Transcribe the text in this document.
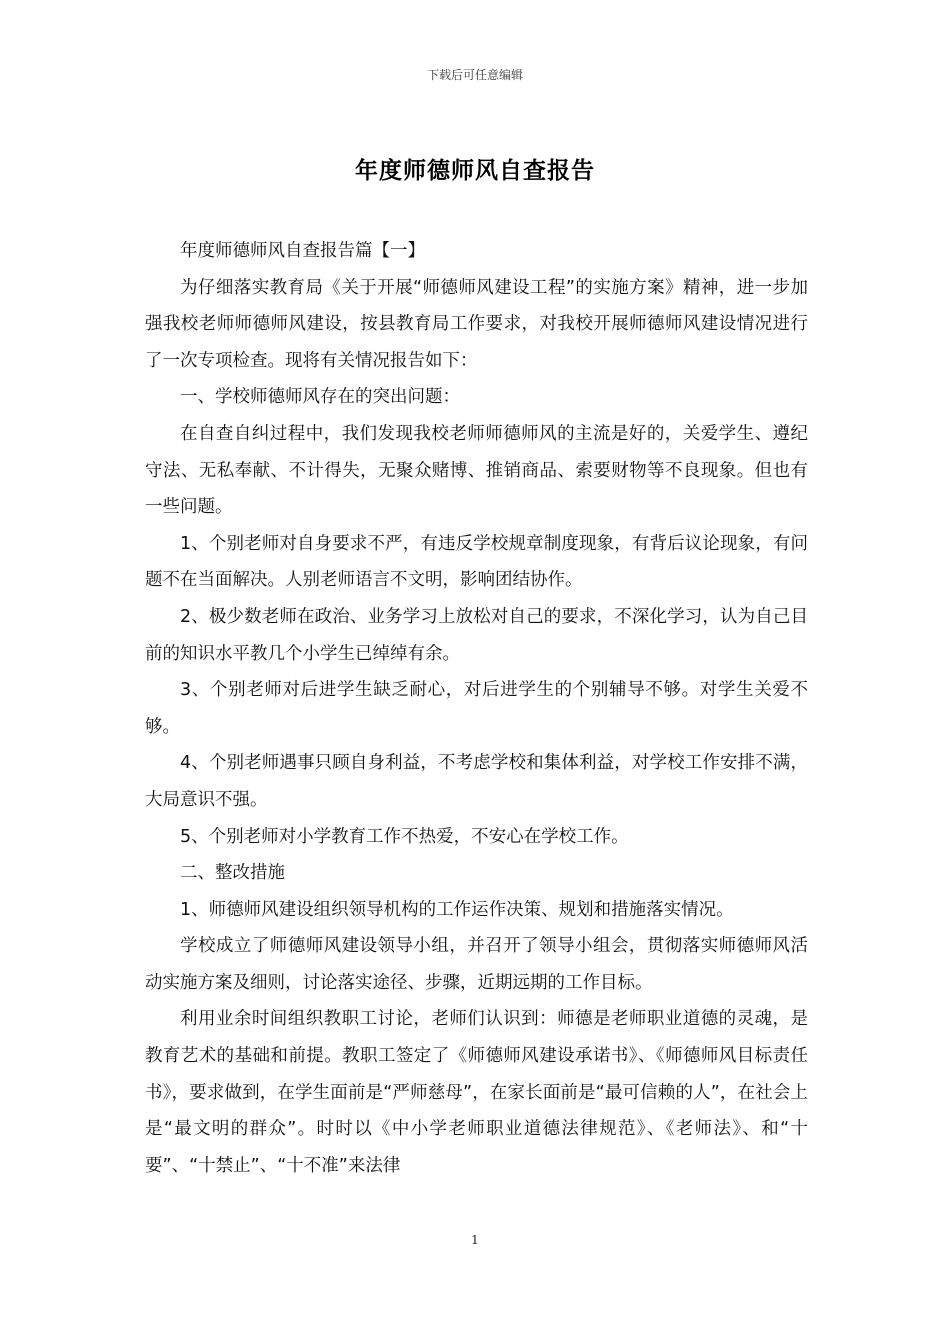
下载后可任意编辑
年度师德师风自查报告

年度师德师风自查报告篇【一】

为仔细落实教育局《关于开展“师德师风建设工程”的实施方案》精神，进一步加强我校老师师德师风建设，按县教育局工作要求，对我校开展师德师风建设情况进行了一次专项检查。现将有关情况报告如下：

一、学校师德师风存在的突出问题：

在自查自纠过程中，我们发现我校老师师德师风的主流是好的，关爱学生、遵纪守法、无私奉献、不计得失，无聚众赌博、推销商品、索要财物等不良现象。但也有一些问题。

1、个别老师对自身要求不严，有违反学校规章制度现象，有背后议论现象，有问题不在当面解决。人别老师语言不文明，影响团结协作。

2、极少数老师在政治、业务学习上放松对自己的要求，不深化学习，认为自己目前的知识水平教几个小学生已绰绰有余。

3、个别老师对后进学生缺乏耐心，对后进学生的个别辅导不够。对学生关爱不够。

4、个别老师遇事只顾自身利益，不考虑学校和集体利益，对学校工作安排不满，大局意识不强。

5、个别老师对小学教育工作不热爱，不安心在学校工作。

二、整改措施

1、师德师风建设组织领导机构的工作运作决策、规划和措施落实情况。

学校成立了师德师风建设领导小组，并召开了领导小组会，贯彻落实师德师风活动实施方案及细则，讨论落实途径、步骤，近期远期的工作目标。

利用业余时间组织教职工讨论，老师们认识到：师德是老师职业道德的灵魂，是教育艺术的基础和前提。教职工签定了《师德师风建设承诺书》、《师德师风目标责任书》，要求做到，在学生面前是“严师慈母”，在家长面前是“最可信赖的人”，在社会上是“最文明的群众”。时时以《中小学老师职业道德法律规范》、《老师法》、和“十要”、“十禁止”、“十不准”来法律

1
